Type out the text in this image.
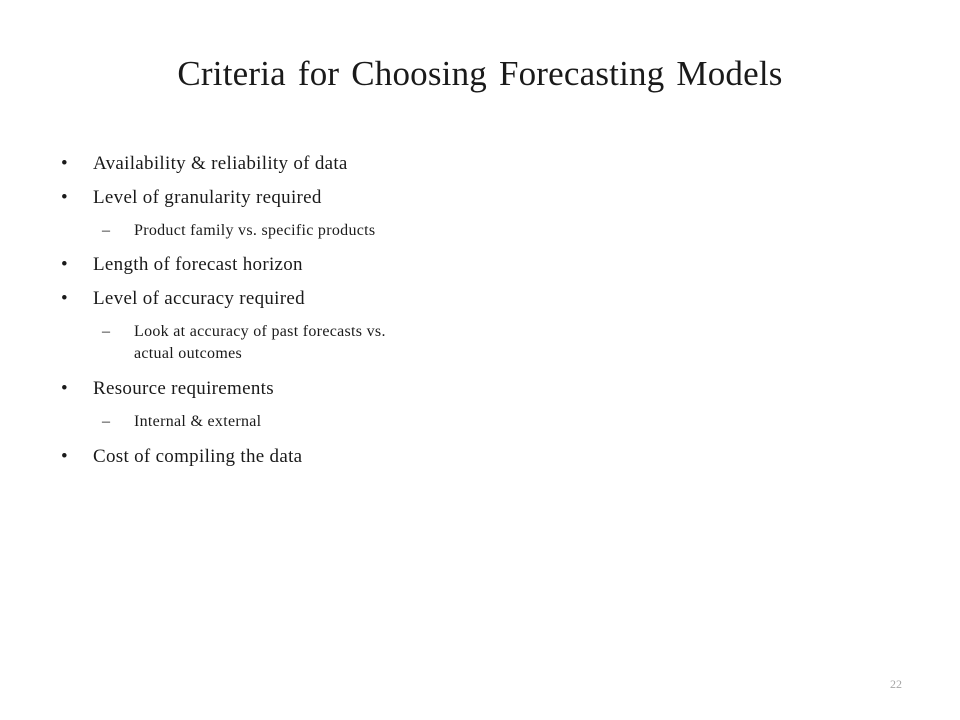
Criteria for Choosing Forecasting Models
• Availability & reliability of data
• Level of granularity required
– Product family vs. specific products
• Length of forecast horizon
• Level of accuracy required
– Look at accuracy of past forecasts vs.
actual outcomes
• Resource requirements
– Internal & external
• Cost of compiling the data
22
